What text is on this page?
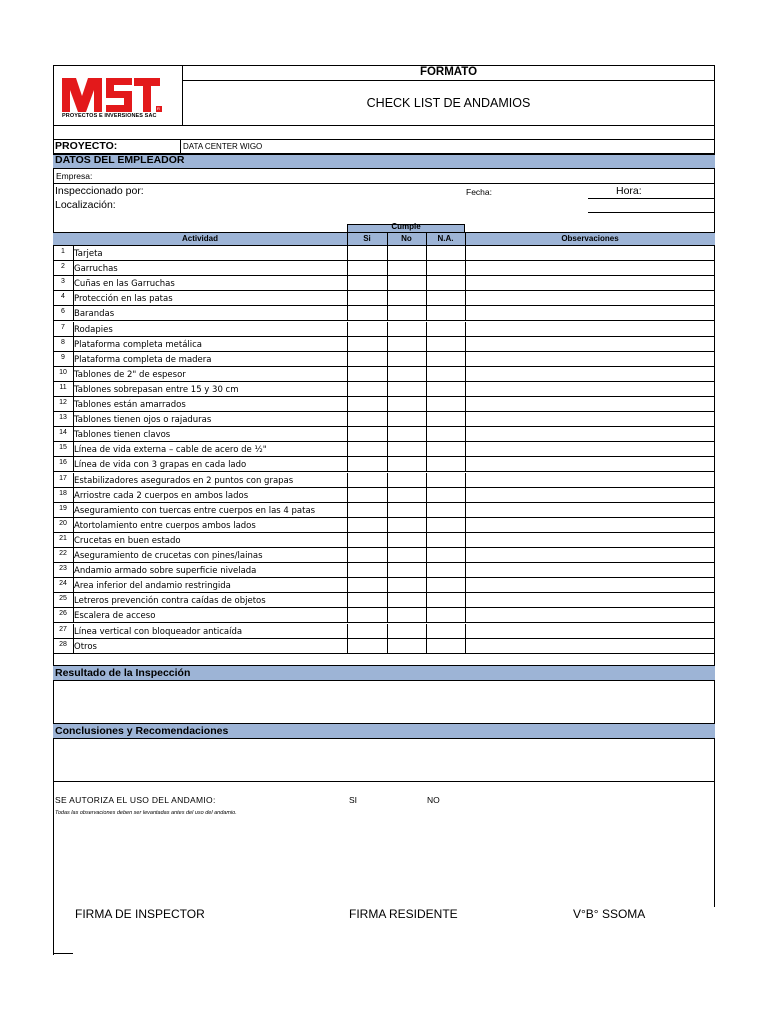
FORMATO
CHECK LIST DE ANDAMIOS
PROYECTOS E INVERSIONES SAC
R
PROYECTO:	DATA CENTER WIGO
DATOS DEL EMPLEADOR
Empresa:
Inspeccionado por:	Fecha:	Hora:
Localización:
Cumple
Actividad	Si	No	N.A.	Observaciones
1	Tarjeta
2	Garruchas
3	Cuñas en las Garruchas
4	Protección en las patas
6	Barandas
7	Rodapies
8	Plataforma completa metálica
9	Plataforma completa de madera
10 Tablones de 2" de espesor
11 Tablones sobrepasan entre 15 y 30 cm
12 Tablones están amarrados
13 Tablones tienen ojos o rajaduras
14 Tablones tienen clavos
15 Línea de vida externa – cable de acero de ½"
16 Línea de vida con 3 grapas en cada lado
17 Estabilizadores asegurados en 2 puntos con grapas
18 Arriostre cada 2 cuerpos en ambos lados
19 Aseguramiento con tuercas entre cuerpos en las 4 patas
20 Atortolamiento entre cuerpos ambos lados
21 Crucetas en buen estado
22 Aseguramiento de crucetas con pines/lainas
23 Andamio armado sobre superficie nivelada
24 Area inferior del andamio restringida
25 Letreros prevención contra caídas de objetos
26 Escalera de acceso
27 Línea vertical con bloqueador anticaída
28 Otros
Resultado de la Inspección
Conclusiones y Recomendaciones
SE AUTORIZA EL USO DEL ANDAMIO:	SI	NO
Todas las observaciones deben ser levantadas antes del uso del andamio.
FIRMA DE INSPECTOR	FIRMA RESIDENTE	V°B° SSOMA
